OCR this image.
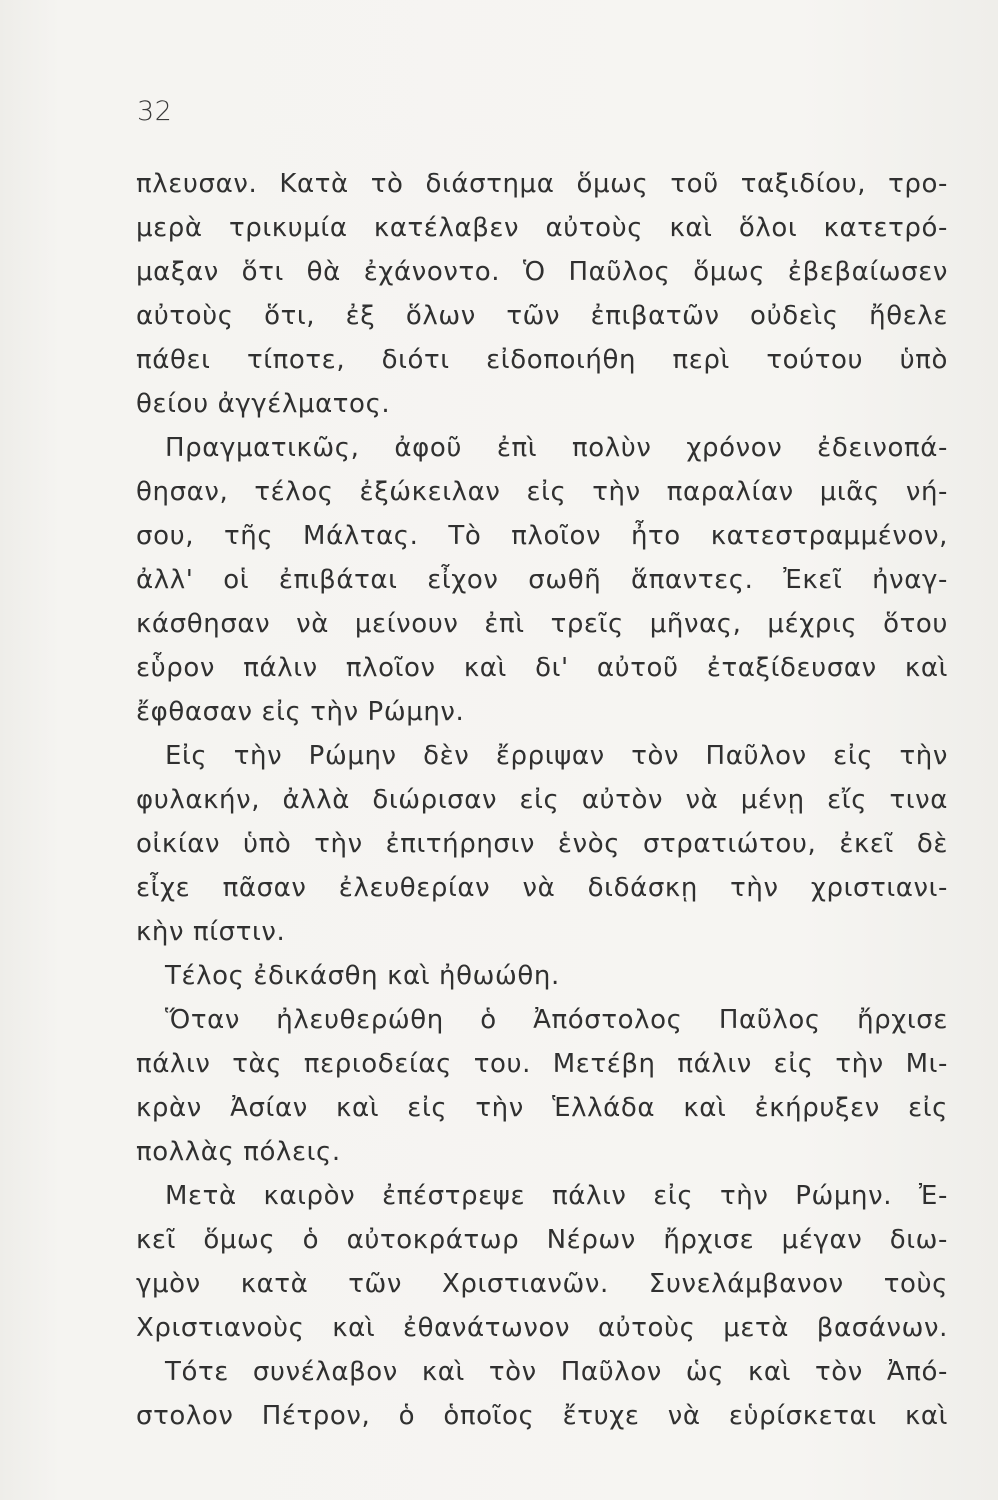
32
πλευσαν. Κατὰ τὸ διάστημα ὅμως τοῦ ταξιδίου, τρο-
μερὰ τρικυμία κατέλαβεν αὐτοὺς καὶ ὅλοι κατετρό-
μαξαν ὅτι θὰ ἐχάνοντο. Ὁ Παῦλος ὅμως ἐβεβαίωσεν
αὐτοὺς ὅτι, ἐξ ὅλων τῶν ἐπιβατῶν οὐδεὶς ἤθελε
πάθει τίποτε, διότι εἰδοποιήθη περὶ τούτου ὑπὸ
θείου ἀγγέλματος.
Πραγματικῶς, ἀφοῦ ἐπὶ πολὺν χρόνον ἐδεινοπά-
θησαν, τέλος ἐξώκειλαν εἰς τὴν παραλίαν μιᾶς νή-
σου, τῆς Μάλτας. Τὸ πλοῖον ἦτο κατεστραμμένον,
ἀλλ' οἱ ἐπιβάται εἶχον σωθῆ ἅπαντες. Ἐκεῖ ἠναγ-
κάσθησαν νὰ μείνουν ἐπὶ τρεῖς μῆνας, μέχρις ὅτου
εὗρον πάλιν πλοῖον καὶ δι' αὐτοῦ ἐταξίδευσαν καὶ
ἔφθασαν εἰς τὴν Ρώμην.
Εἰς τὴν Ρώμην δὲν ἔρριψαν τὸν Παῦλον εἰς τὴν
φυλακήν, ἀλλὰ διώρισαν εἰς αὐτὸν νὰ μένῃ εἴς τινα
οἰκίαν ὑπὸ τὴν ἐπιτήρησιν ἑνὸς στρατιώτου, ἐκεῖ δὲ
εἶχε πᾶσαν ἐλευθερίαν νὰ διδάσκῃ τὴν χριστιανι-
κὴν πίστιν.
Τέλος ἐδικάσθη καὶ ἠθωώθη.
Ὅταν ἠλευθερώθη ὁ Ἀπόστολος Παῦλος ἤρχισε
πάλιν τὰς περιοδείας του. Μετέβη πάλιν εἰς τὴν Μι-
κρὰν Ἀσίαν καὶ εἰς τὴν Ἑλλάδα καὶ ἐκήρυξεν εἰς
πολλὰς πόλεις.
Μετὰ καιρὸν ἐπέστρεψε πάλιν εἰς τὴν Ρώμην. Ἐ-
κεῖ ὅμως ὁ αὐτοκράτωρ Νέρων ἤρχισε μέγαν διω-
γμὸν κατὰ τῶν Χριστιανῶν. Συνελάμβανον τοὺς
Χριστιανοὺς καὶ ἐθανάτωνον αὐτοὺς μετὰ βασάνων.
Τότε συνέλαβον καὶ τὸν Παῦλον ὡς καὶ τὸν Ἀπό-
στολον Πέτρον, ὁ ὁποῖος ἔτυχε νὰ εὑρίσκεται καὶ
